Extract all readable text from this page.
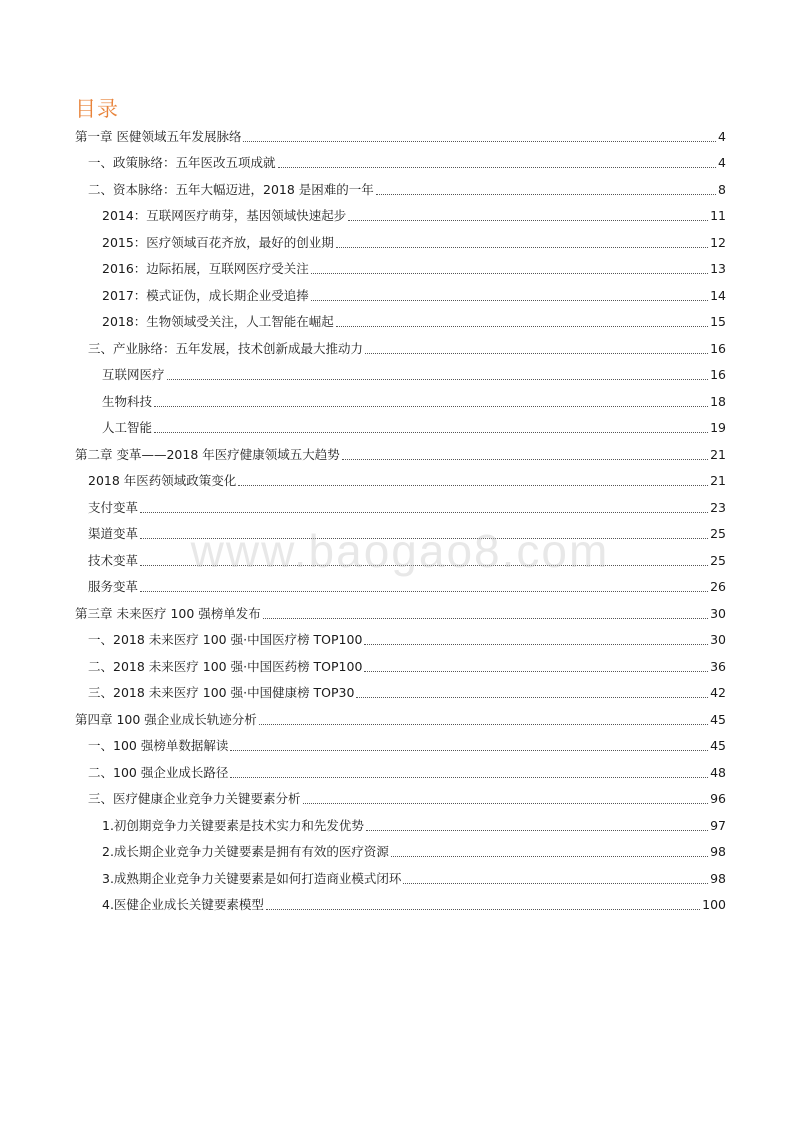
目录
第一章 医健领域五年发展脉络	4
一、政策脉络：五年医改五项成就	4
二、资本脉络：五年大幅迈进，2018 是困难的一年	8
2014：互联网医疗萌芽，基因领域快速起步	11
2015：医疗领域百花齐放，最好的创业期	12
2016：边际拓展，互联网医疗受关注	13
2017：模式证伪，成长期企业受追捧	14
2018：生物领域受关注，人工智能在崛起	15
三、产业脉络：五年发展，技术创新成最大推动力	16
互联网医疗	16
生物科技	18
人工智能	19
第二章 变革——2018 年医疗健康领域五大趋势	21
2018 年医药领域政策变化	21
支付变革	23
渠道变革	25
技术变革	25
服务变革	26
第三章 未来医疗 100 强榜单发布	30
一、2018 未来医疗 100 强·中国医疗榜 TOP100	30
二、2018 未来医疗 100 强·中国医药榜 TOP100	36
三、2018 未来医疗 100 强·中国健康榜 TOP30	42
第四章 100 强企业成长轨迹分析	45
一、100 强榜单数据解读	45
二、100 强企业成长路径	48
三、医疗健康企业竞争力关键要素分析	96
1.初创期竞争力关键要素是技术实力和先发优势	97
2.成长期企业竞争力关键要素是拥有有效的医疗资源	98
3.成熟期企业竞争力关键要素是如何打造商业模式闭环	98
4.医健企业成长关键要素模型	100
www.baogao8.com
